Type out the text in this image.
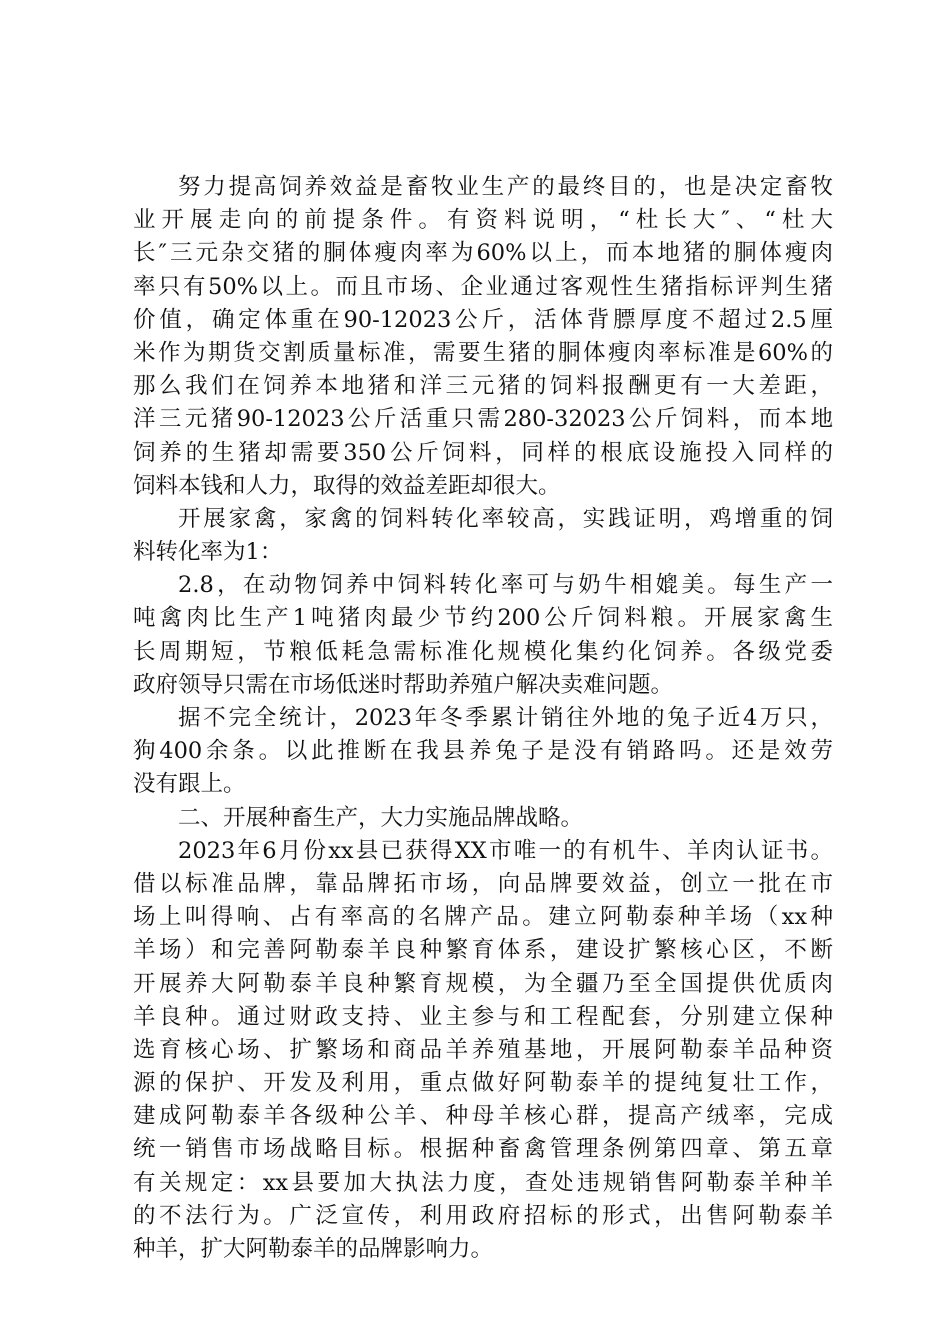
努力提高饲养效益是畜牧业生产的最终目的，也是决定畜牧
业开展走向的前提条件。有资料说明，“杜长大″、“杜大
长″三元杂交猪的胴体瘦肉率为60%以上，而本地猪的胴体瘦肉
率只有50%以上。而且市场、企业通过客观性生猪指标评判生猪
价值，确定体重在90-12023公斤，活体背膘厚度不超过2.5厘
米作为期货交割质量标准，需要生猪的胴体瘦肉率标准是60%的
那么我们在饲养本地猪和洋三元猪的饲料报酬更有一大差距，
洋三元猪90-12023公斤活重只需280-32023公斤饲料，而本地
饲养的生猪却需要350公斤饲料，同样的根底设施投入同样的
饲料本钱和人力，取得的效益差距却很大。
开展家禽，家禽的饲料转化率较高，实践证明，鸡增重的饲
料转化率为1：
2.8，在动物饲养中饲料转化率可与奶牛相媲美。每生产一
吨禽肉比生产1吨猪肉最少节约200公斤饲料粮。开展家禽生
长周期短，节粮低耗急需标准化规模化集约化饲养。各级党委
政府领导只需在市场低迷时帮助养殖户解决卖难问题。
据不完全统计，2023年冬季累计销往外地的兔子近4万只，
狗400余条。以此推断在我县养兔子是没有销路吗。还是效劳
没有跟上。
二、开展种畜生产，大力实施品牌战略。
2023年6月份xx县已获得XX市唯一的有机牛、羊肉认证书。
借以标准品牌，靠品牌拓市场，向品牌要效益，创立一批在市
场上叫得响、占有率高的名牌产品。建立阿勒泰种羊场（xx种
羊场）和完善阿勒泰羊良种繁育体系，建设扩繁核心区，不断
开展养大阿勒泰羊良种繁育规模，为全疆乃至全国提供优质肉
羊良种。通过财政支持、业主参与和工程配套，分别建立保种
选育核心场、扩繁场和商品羊养殖基地，开展阿勒泰羊品种资
源的保护、开发及利用，重点做好阿勒泰羊的提纯复壮工作，
建成阿勒泰羊各级种公羊、种母羊核心群，提高产绒率，完成
统一销售市场战略目标。根据种畜禽管理条例第四章、第五章
有关规定：xx县要加大执法力度，查处违规销售阿勒泰羊种羊
的不法行为。广泛宣传，利用政府招标的形式，出售阿勒泰羊
种羊，扩大阿勒泰羊的品牌影响力。
